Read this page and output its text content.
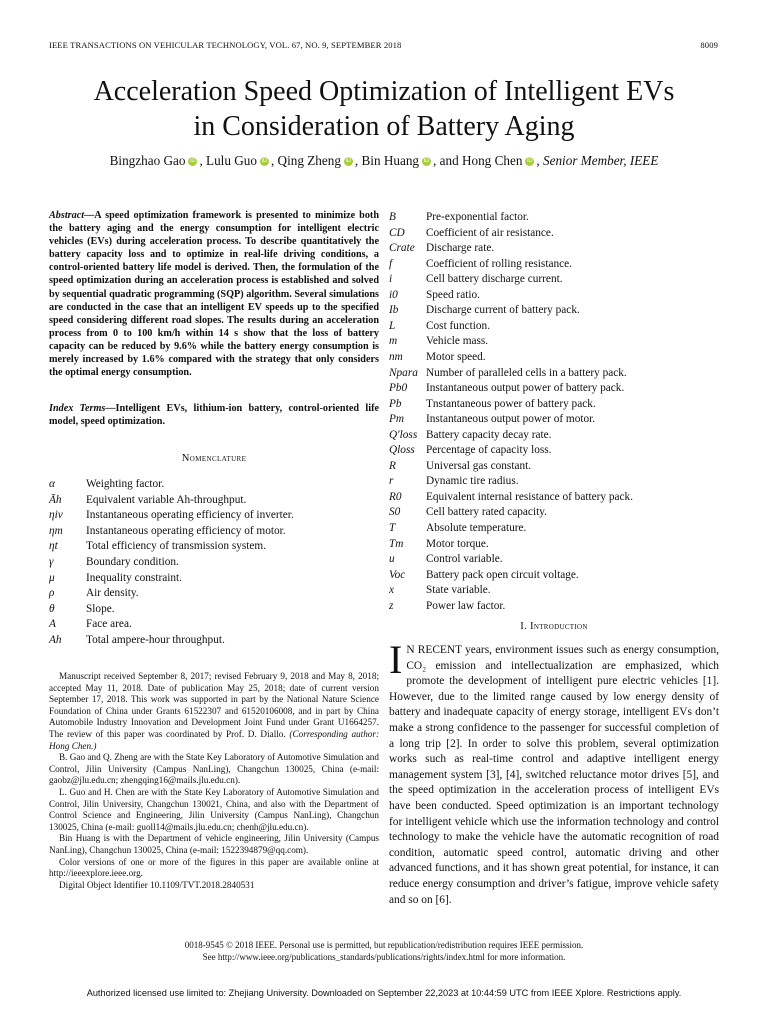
IEEE TRANSACTIONS ON VEHICULAR TECHNOLOGY, VOL. 67, NO. 9, SEPTEMBER 2018	8009
Acceleration Speed Optimization of Intelligent EVs
in Consideration of Battery Aging
Bingzhao Gao iD , Lulu Guo iD , Qing Zheng iD , Bin Huang iD , and Hong Chen iD , Senior Member, IEEE
Abstract—A speed optimization framework is presented to minimize both the battery aging and the energy consumption for intelligent electric vehicles (EVs) during acceleration process. To describe quantitatively the battery capacity loss and to optimize in real-life driving conditions, a control-oriented battery life model is derived. Then, the formulation of the speed optimization during an acceleration process is established and solved by sequential quadratic programming (SQP) algorithm. Several simulations are conducted in the case that an intelligent EV speeds up to the specified speed considering different road slopes. The results during an acceleration process from 0 to 100 km/h within 14 s show that the loss of battery capacity can be reduced by 9.6% while the battery energy consumption is merely increased by 1.6% compared with the strategy that only considers the optimal energy consumption.
Index Terms—Intelligent EVs, lithium-ion battery, control-oriented life model, speed optimization.
Nomenclature
α	Weighting factor.
Āh	Equivalent variable Ah-throughput.
ηiv	Instantaneous operating efficiency of inverter.
ηm	Instantaneous operating efficiency of motor.
ηt	Total efficiency of transmission system.
γ	Boundary condition.
μ	Inequality constraint.
ρ	Air density.
θ	Slope.
A	Face area.
Ah	Total ampere-hour throughput.
B	Pre-exponential factor.
CD	Coefficient of air resistance.
Crate Discharge rate.
f	Coefficient of rolling resistance.
i	Cell battery discharge current.
i0	Speed ratio.
Ib	Discharge current of battery pack.
L	Cost function.
m	Vehicle mass.
nm	Motor speed.
Npara Number of paralleled cells in a battery pack.
Pb0	Instantaneous output power of battery pack.
Pb	Tnstantaneous power of battery pack.
Pm	Instantaneous output power of motor.
Q′loss Battery capacity decay rate.
Qloss Percentage of capacity loss.
R	Universal gas constant.
r	Dynamic tire radius.
R0	Equivalent internal resistance of battery pack.
S0	Cell battery rated capacity.
T	Absolute temperature.
Tm	Motor torque.
u	Control variable.
Voc	Battery pack open circuit voltage.
x	State variable.
z	Power law factor.

Manuscript received September 8, 2017; revised February 9, 2018 and May 8, 2018; accepted May 11, 2018. Date of publication May 25, 2018; date of current version September 17, 2018. This work was supported in part by the National Nature Science Foundation of China under Grants 61522307 and 61520106008, and in part by China Automobile Industry Innovation and Development Joint Fund under Grant U1664257. The review of this paper was coordinated by Prof. D. Diallo. (Corresponding author: Hong Chen.)

B. Gao and Q. Zheng are with the State Key Laboratory of Automotive Simulation and Control, Jilin University (Campus NanLing), Changchun 130025, China (e-mail: gaobz@jlu.edu.cn; zhengqing16@mails.jlu.edu.cn).

L. Guo and H. Chen are with the State Key Laboratory of Automotive Simulation and Control, Jilin University, Changchun 130021, China, and also with the Department of Control Science and Engineering, Jilin University (Campus NanLing), Changchun 130025, China (e-mail: guoll14@mails.jlu.edu.cn; chenh@jlu.edu.cn).

Bin Huang is with the Department of vehicle engineering, Jilin University (Campus NanLing), Changchun 130025, China (e-mail: 1522394879@qq.com).

Color versions of one or more of the figures in this paper are available online at http://ieeexplore.ieee.org.

Digital Object Identifier 10.1109/TVT.2018.2840531

I. Introduction
I N RECENT years, environment issues such as energy consumption, CO₂ emission and intellectualization are emphasized, which promote the development of intelligent pure electric vehicles [1]. However, due to the limited range caused by low energy density of battery and inadequate capacity of energy storage, intelligent EVs don’t make a strong confidence to the passenger for successful completion of a long trip [2]. In order to solve this problem, several optimization works such as real-time control and adaptive intelligent energy management system [3], [4], switched reluctance motor drives [5], and the speed optimization in the acceleration process of intelligent EVs have been conducted. Speed optimization is an important technology for intelligent vehicle which use the information technology and control technology to make the vehicle have the automatic recognition of road condition, automatic speed control, automatic driving and other advanced functions, and it has shown great potential, for instance, it can reduce energy consumption and driver’s fatigue, improve vehicle safety and so on [6].
0018-9545 © 2018 IEEE. Personal use is permitted, but republication/redistribution requires IEEE permission.
See http://www.ieee.org/publications_standards/publications/rights/index.html for more information.
Authorized licensed use limited to: Zhejiang University. Downloaded on September 22,2023 at 10:44:59 UTC from IEEE Xplore. Restrictions apply.
